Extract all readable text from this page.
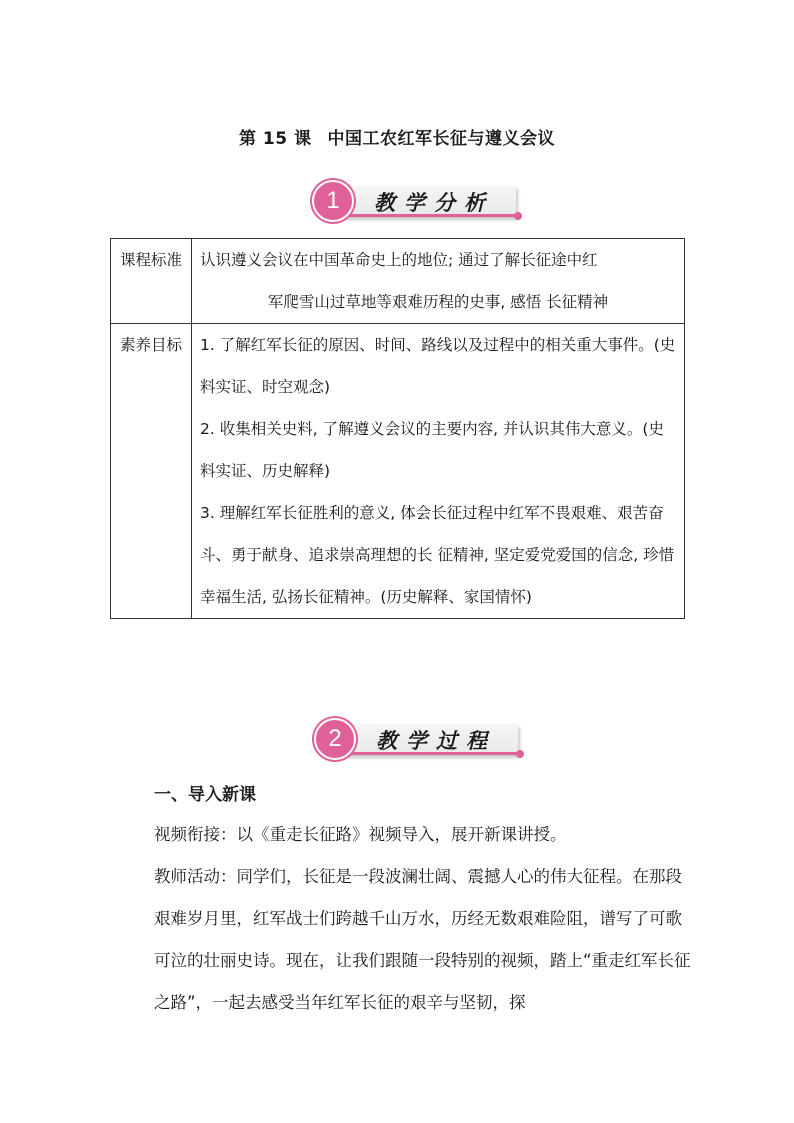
第 15 课 中国工农红军长征与遵义会议
1	教学分析
课程标准	认识遵义会议在中国革命史上的地位; 通过了解长征途中红
军爬雪山过草地等艰难历程的史事, 感悟 长征精神

素养目标	1. 了解红军长征的原因、时间、路线以及过程中的相关重大事件。(史料实证、时空观念)

2. 收集相关史料, 了解遵义会议的主要内容, 并认识其伟大意义。(史料实证、历史解释)

3. 理解红军长征胜利的意义, 体会长征过程中红军不畏艰难、艰苦奋斗、勇于献身、追求崇高理想的长 征精神, 坚定爱党爱国的信念, 珍惜幸福生活, 弘扬长征精神。(历史解释、家国情怀)

2	教学过程
一、导入新课
视频衔接：以《重走长征路》视频导入，展开新课讲授。
教师活动：同学们，长征是一段波澜壮阔、震撼人心的伟大征程。在那段艰难岁月里，红军战士们跨越千山万水，历经无数艰难险阻，谱写了可歌可泣的壮丽史诗。现在，让我们跟随一段特别的视频，踏上“重走红军长征之路”，一起去感受当年红军长征的艰辛与坚韧，探
